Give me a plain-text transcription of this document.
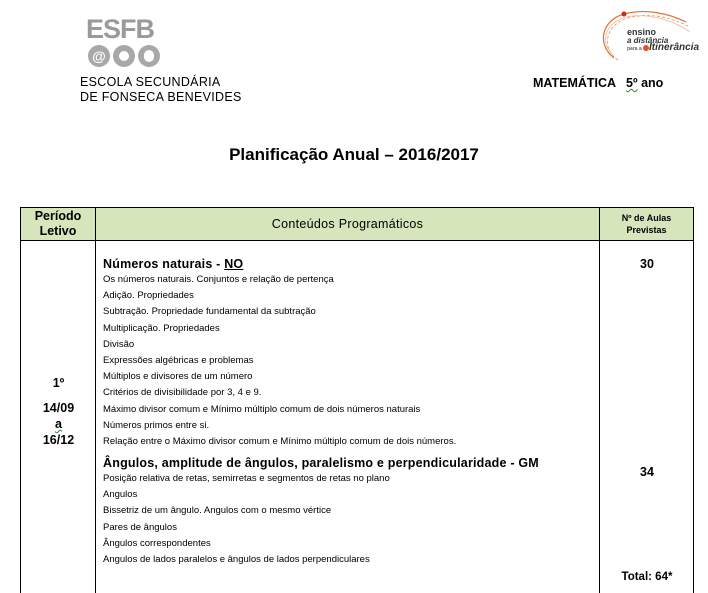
ESFB
@
ESCOLA SECUNDÁRIA
DE FONSECA BENEVIDES
MATEMÁTICA 5º ano
ensino
a distância
para a Itinerância
Planificação Anual – 2016/2017
Período
Letivo	Conteúdos Programáticos	Nº de Aulas
Previstas
1º
14/09
a
16/12
Números naturais - NO
Os números naturais. Conjuntos e relação de pertença
Adição. Propriedades
Subtração. Propriedade fundamental da subtração
Multiplicação. Propriedades
Divisão
Expressões algébricas e problemas
Múltiplos e divisores de um número
Critérios de divisibilidade por 3, 4 e 9.
Máximo divisor comum e Mínimo múltiplo comum de dois números naturais
Números primos entre si.
Relação entre o Máximo divisor comum e Mínimo múltiplo comum de dois números.
Ângulos, amplitude de ângulos, paralelismo e perpendicularidade - GM
Posição relativa de retas, semirretas e segmentos de retas no plano
Angulos
Bissetriz de um ângulo. Angulos com o mesmo vértice
Pares de ângulos
Ângulos correspondentes
Angulos de lados paralelos e ângulos de lados perpendiculares
30
34
Total: 64*
